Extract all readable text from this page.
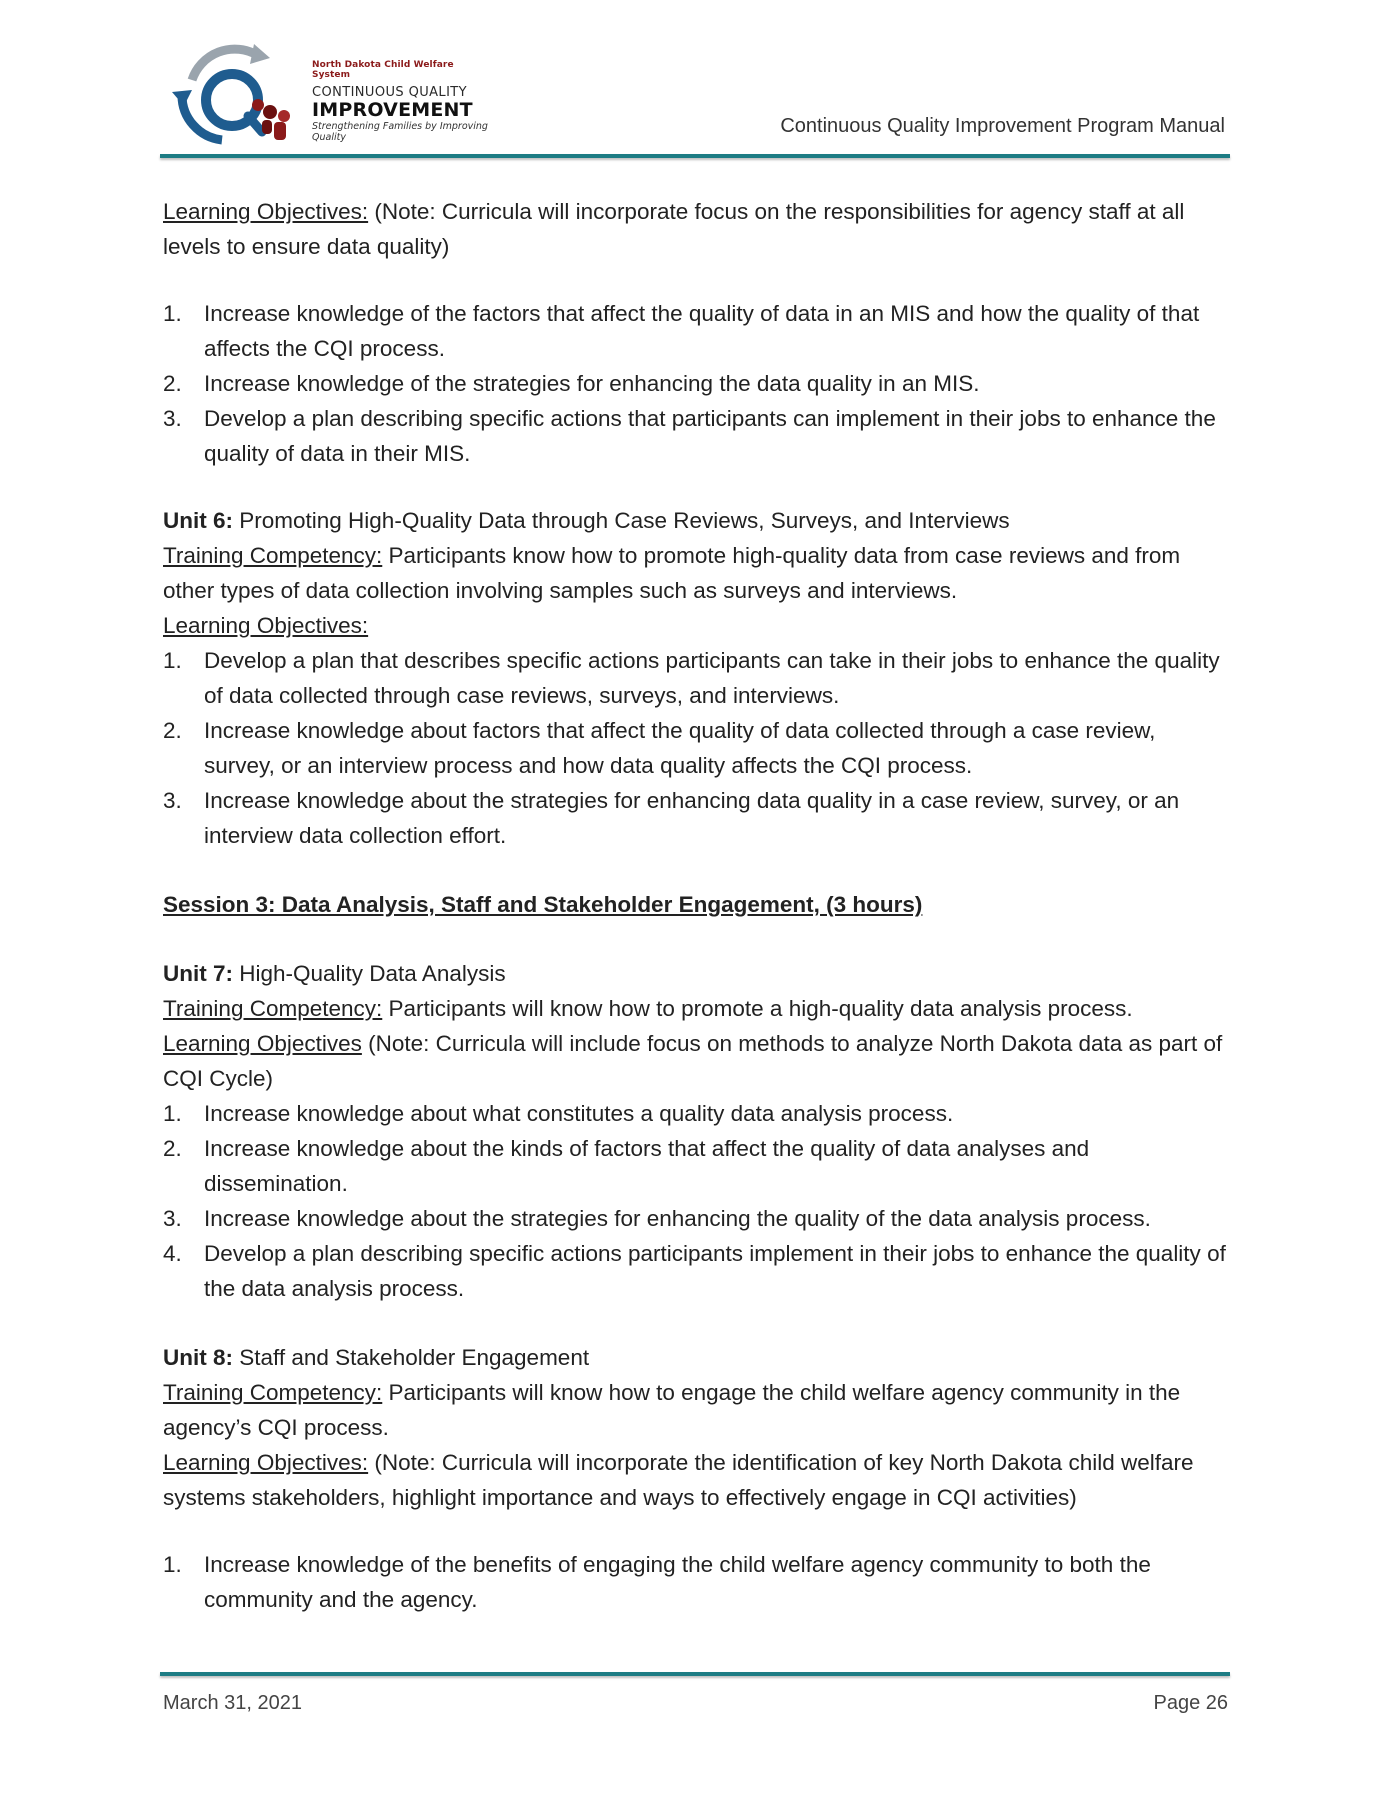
North Dakota Child Welfare System
CONTINUOUS QUALITY
IMPROVEMENT
Strengthening Families by Improving Quality
Continuous Quality Improvement Program Manual

Learning Objectives: (Note: Curricula will incorporate focus on the responsibilities for agency staff at all levels to ensure data quality)

1. Increase knowledge of the factors that affect the quality of data in an MIS and how the quality of that affects the CQI process.
2. Increase knowledge of the strategies for enhancing the data quality in an MIS.
3. Develop a plan describing specific actions that participants can implement in their jobs to enhance the quality of data in their MIS.

Unit 6: Promoting High-Quality Data through Case Reviews, Surveys, and Interviews

Training Competency: Participants know how to promote high-quality data from case reviews and from other types of data collection involving samples such as surveys and interviews.

Learning Objectives:

1. Develop a plan that describes specific actions participants can take in their jobs to enhance the quality of data collected through case reviews, surveys, and interviews.
2. Increase knowledge about factors that affect the quality of data collected through a case review, survey, or an interview process and how data quality affects the CQI process.
3. Increase knowledge about the strategies for enhancing data quality in a case review, survey, or an interview data collection effort.

Session 3: Data Analysis, Staff and Stakeholder Engagement, (3 hours)

Unit 7: High-Quality Data Analysis

Training Competency: Participants will know how to promote a high-quality data analysis process.

Learning Objectives (Note: Curricula will include focus on methods to analyze North Dakota data as part of CQI Cycle)

1. Increase knowledge about what constitutes a quality data analysis process.
2. Increase knowledge about the kinds of factors that affect the quality of data analyses and dissemination.
3. Increase knowledge about the strategies for enhancing the quality of the data analysis process.
4. Develop a plan describing specific actions participants implement in their jobs to enhance the quality of the data analysis process.

Unit 8: Staff and Stakeholder Engagement

Training Competency: Participants will know how to engage the child welfare agency community in the agency’s CQI process.

Learning Objectives: (Note: Curricula will incorporate the identification of key North Dakota child welfare systems stakeholders, highlight importance and ways to effectively engage in CQI activities)

1. Increase knowledge of the benefits of engaging the child welfare agency community to both the community and the agency.
March 31, 2021	Page 26
